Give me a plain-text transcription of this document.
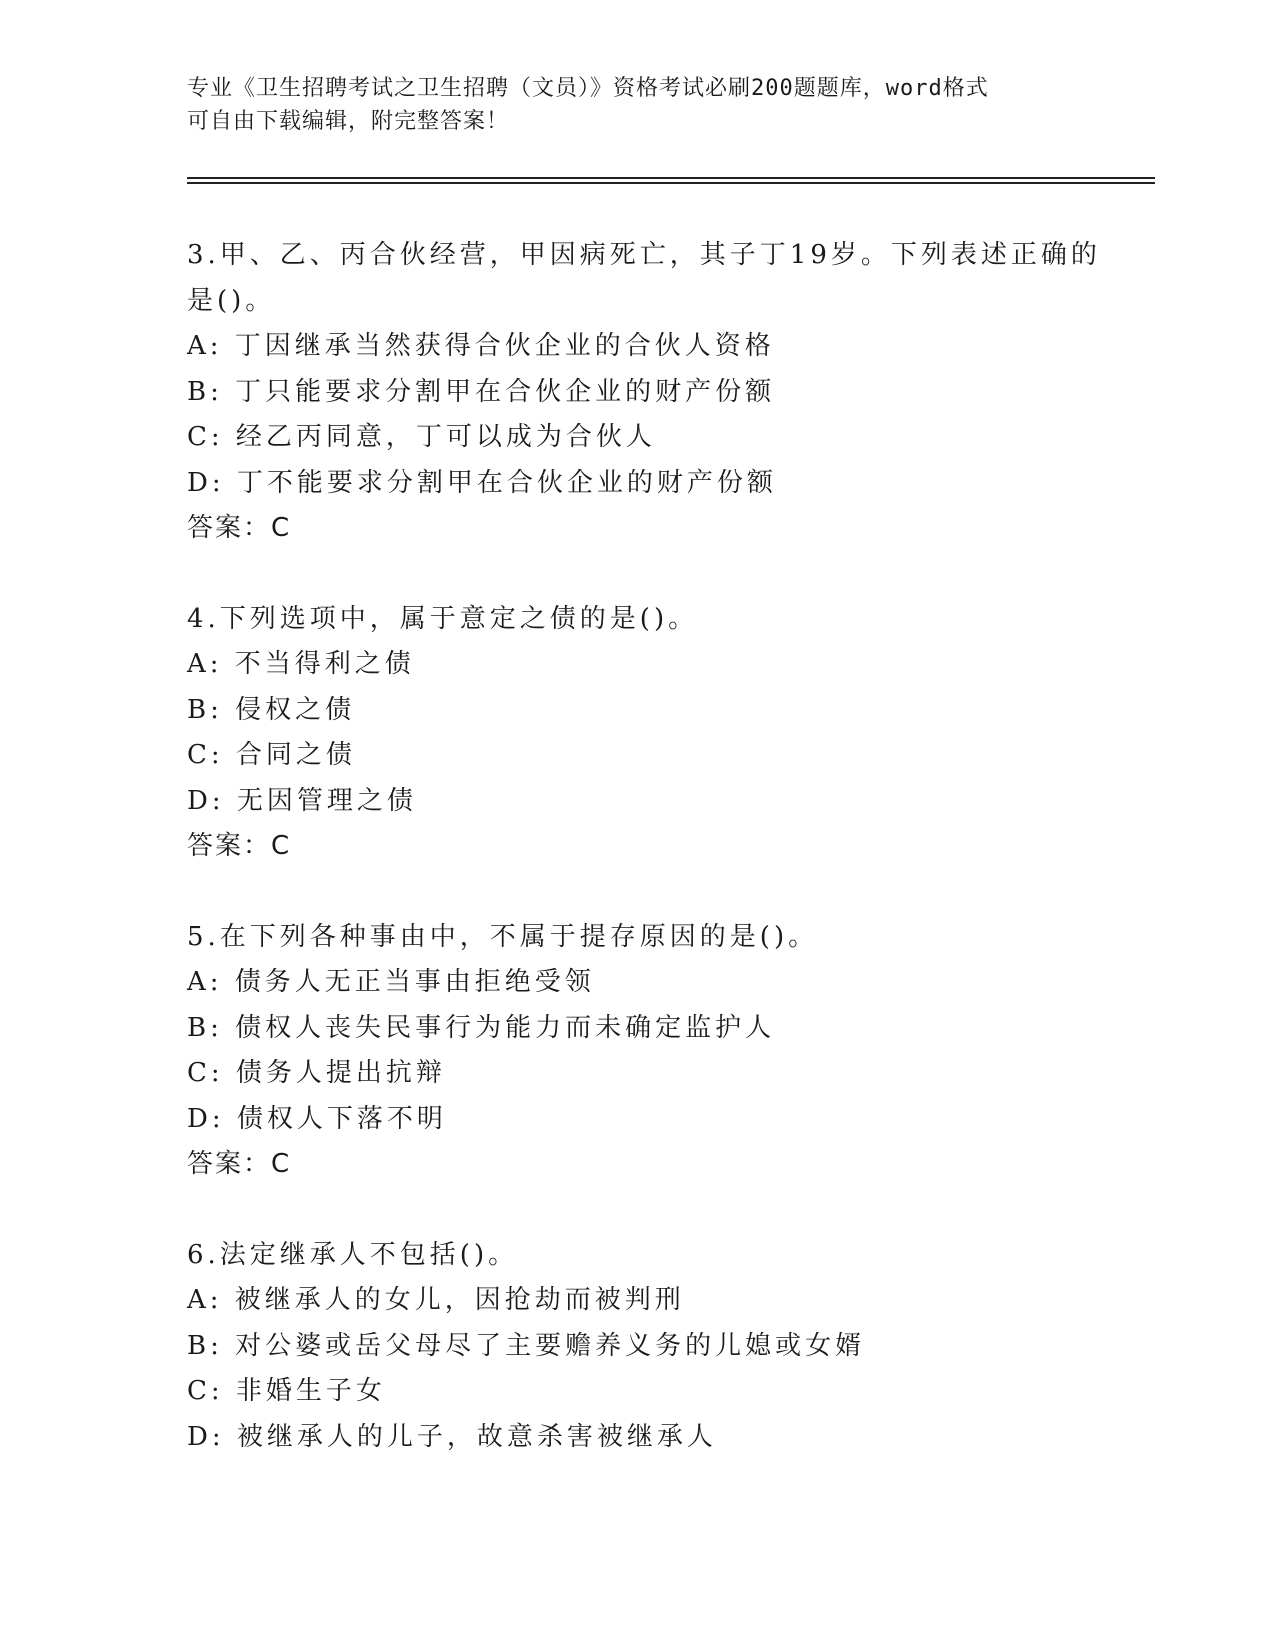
专业《卫生招聘考试之卫生招聘（文员）》资格考试必刷200题题库，word格式
可自由下载编辑，附完整答案！
3.甲、乙、丙合伙经营，甲因病死亡，其子丁19岁。下列表述正确的
是()。
A: 丁因继承当然获得合伙企业的合伙人资格
B: 丁只能要求分割甲在合伙企业的财产份额
C: 经乙丙同意，丁可以成为合伙人
D: 丁不能要求分割甲在合伙企业的财产份额
答案：C
4.下列选项中，属于意定之债的是()。
A: 不当得利之债
B: 侵权之债
C: 合同之债
D: 无因管理之债
答案：C
5.在下列各种事由中，不属于提存原因的是()。
A: 债务人无正当事由拒绝受领
B: 债权人丧失民事行为能力而未确定监护人
C: 债务人提出抗辩
D: 债权人下落不明
答案：C
6.法定继承人不包括()。
A: 被继承人的女儿，因抢劫而被判刑
B: 对公婆或岳父母尽了主要赡养义务的儿媳或女婿
C: 非婚生子女
D: 被继承人的儿子，故意杀害被继承人
